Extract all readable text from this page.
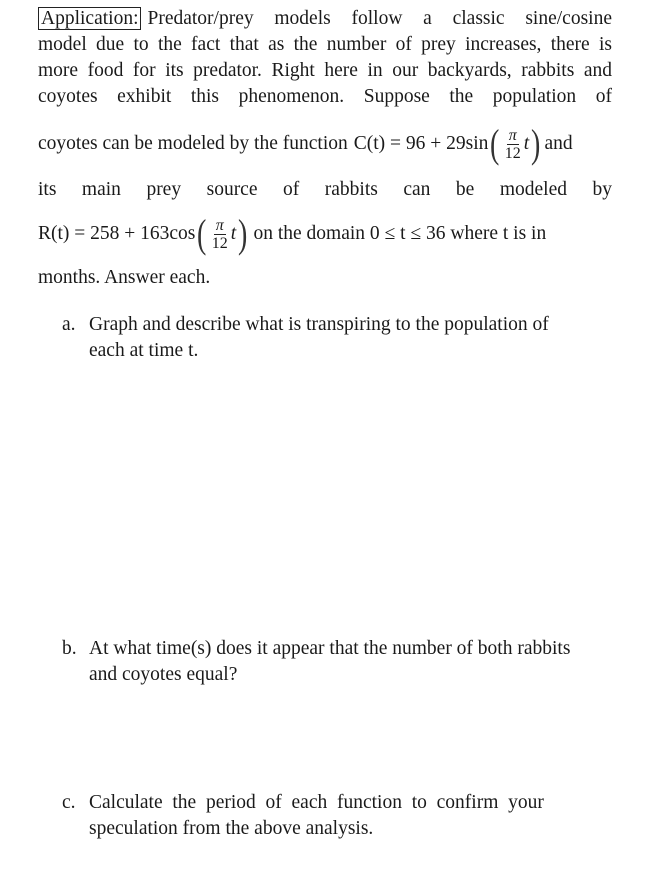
Application: Predator/prey models follow a classic sine/cosine
model due to the fact that as the number of prey increases, there is
more food for its predator. Right here in our backyards, rabbits and
coyotes exhibit this phenomenon. Suppose the population of
coyotes can be modeled by the function C(t) = 96 + 29sin ( $\frac{\pi}{12}$ t ) and
its main prey source of rabbits can be modeled by
R(t) = 258 + 163cos ( $\frac{\pi}{12}$ t ) on the domain 0 ≤ t ≤ 36 where t is in
months. Answer each.
a. Graph and describe what is transpiring to the population of
each at time t.
b. At what time(s) does it appear that the number of both rabbits
and coyotes equal?
c. Calculate  the  period  of  each  function  to  confirm  your
speculation from the above analysis.
